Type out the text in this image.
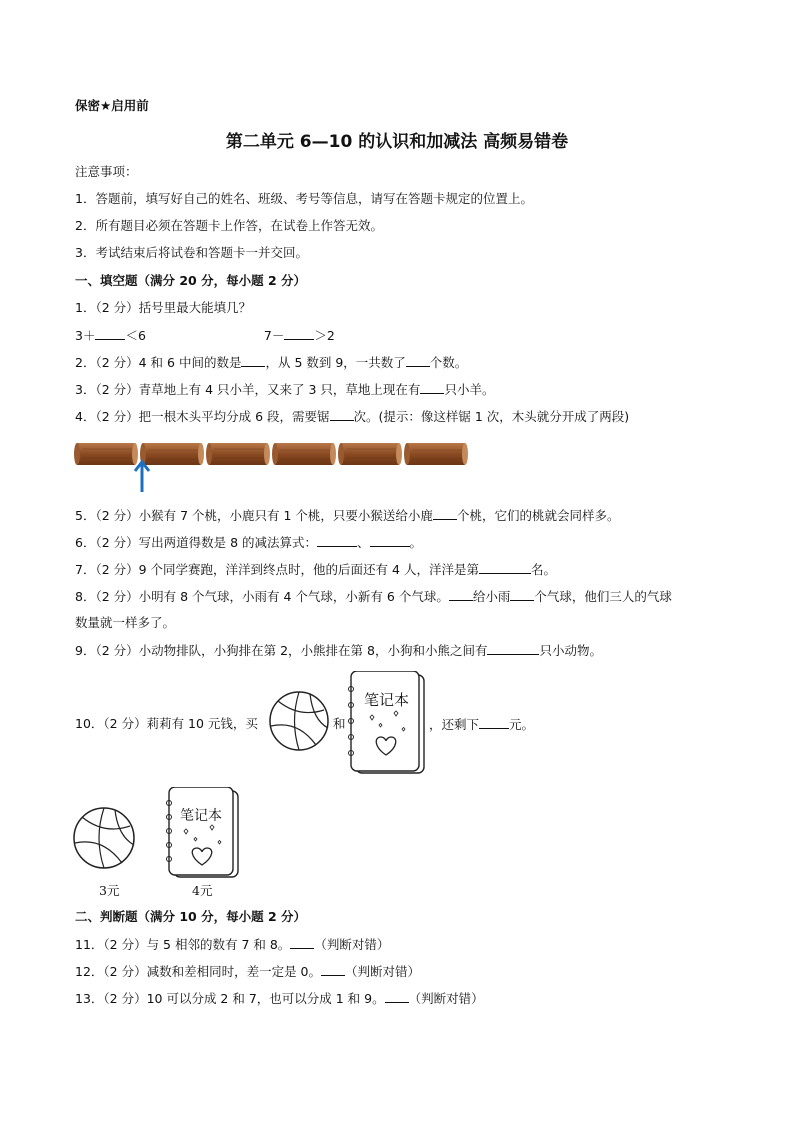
保密★启用前
第二单元 6—10 的认识和加减法 高频易错卷
注意事项：
1．答题前，填写好自己的姓名、班级、考号等信息，请写在答题卡规定的位置上。
2．所有题目必须在答题卡上作答，在试卷上作答无效。
3．考试结束后将试卷和答题卡一并交回。
一、填空题（满分 20 分，每小题 2 分）
1．（2 分）括号里最大能填几？
3＋ ＜6	7－ ＞2
2．（2 分）4 和 6 中间的数是 ，从 5 数到 9，一共数了 个数。
3．（2 分）青草地上有 4 只小羊，又来了 3 只，草地上现在有 只小羊。
4．（2 分）把一根木头平均分成 6 段，需要锯 次。(提示：像这样锯 1 次，木头就分开成了两段)
5．（2 分）小猴有 7 个桃，小鹿只有 1 个桃，只要小猴送给小鹿 个桃，它们的桃就会同样多。
6．（2 分）写出两道得数是 8 的减法算式：	、	。
7．（2 分）9 个同学赛跑，洋洋到终点时，他的后面还有 4 人，洋洋是第	名。
8．（2 分）小明有 8 个气球，小雨有 4 个气球，小新有 6 个气球。 给小雨 个气球，他们三人的气球
数量就一样多了。
9．（2 分）小动物排队，小狗排在第 2，小熊排在第 8，小狗和小熊之间有	只小动物。
10．（2 分）莉莉有 10 元钱，买	和	，还剩下 元。
笔记本
3元
笔记本
4元
二、判断题（满分 10 分，每小题 2 分）
11．（2 分）与 5 相邻的数有 7 和 8。 （判断对错）
12．（2 分）减数和差相同时，差一定是 0。 （判断对错）
13．（2 分）10 可以分成 2 和 7，也可以分成 1 和 9。 （判断对错）
